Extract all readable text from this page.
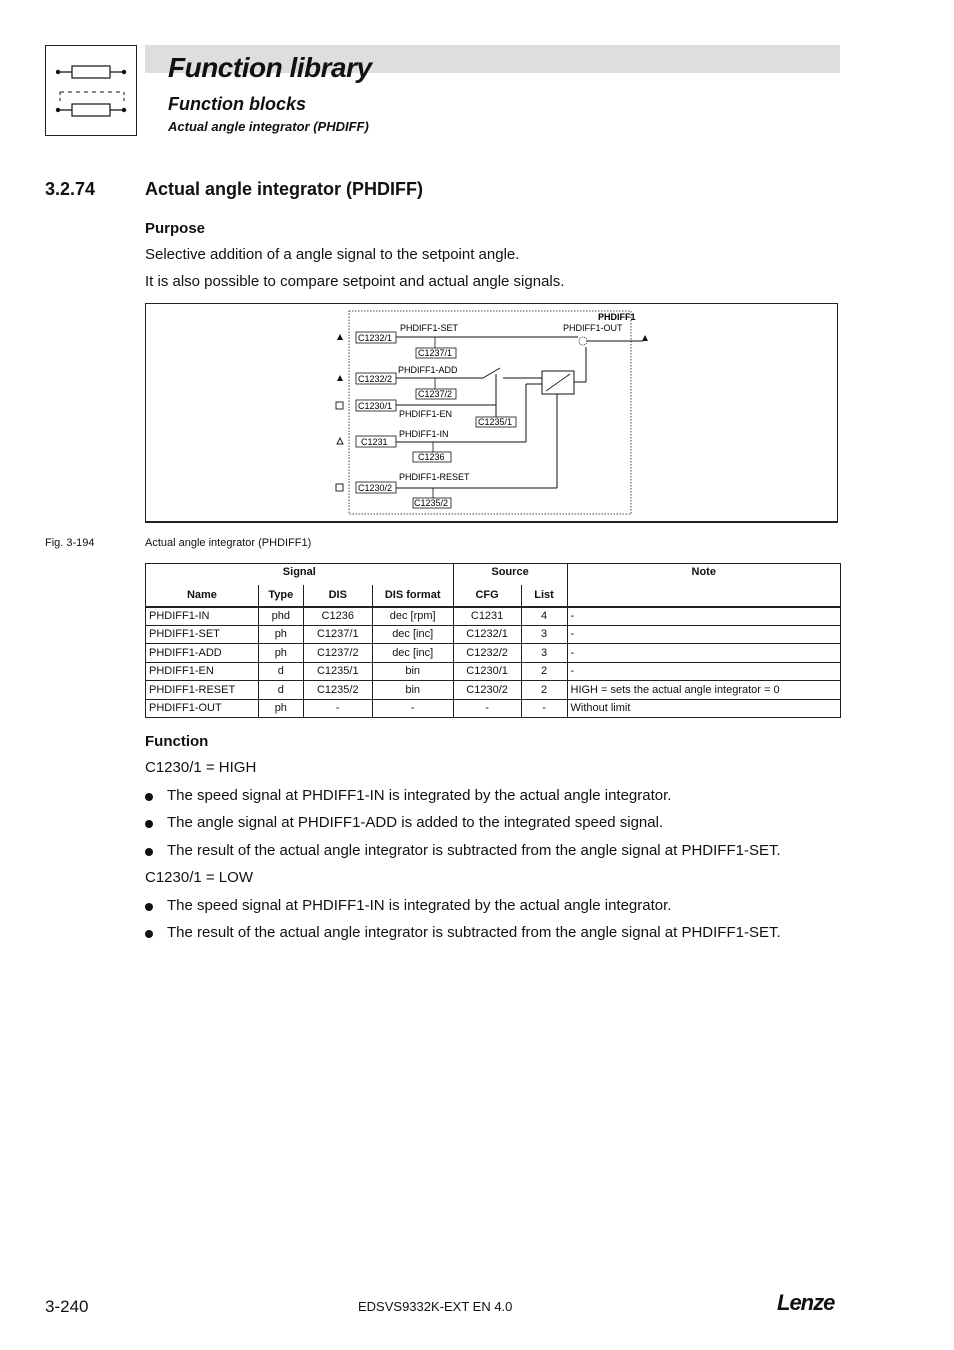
Function library
Function blocks
Actual angle integrator (PHDIFF)
3.2.74	Actual angle integrator (PHDIFF)
Purpose
Selective addition of a angle signal to the setpoint angle.
It is also possible to compare setpoint and actual angle signals.
PHDIFF1
PHDIFF1-OUT
C1232/1
C1232/2
C1230/1
C1231
C1230/2
PHDIFF1-SET
PHDIFF1-ADD
PHDIFF1-EN
PHDIFF1-IN
PHDIFF1-RESET
C1237/1
C1237/2
C1235/1
C1236
C1235/2
Fig. 3-194	Actual angle integrator (PHDIFF1)
Signal				Source		Note
Name	Type	DIS	DIS format	CFG	List	
PHDIFF1-IN	phd	C1236	dec [rpm]	C1231	4	-
PHDIFF1-SET	ph	C1237/1	dec [inc]	C1232/1	3	-
PHDIFF1-ADD	ph	C1237/2	dec [inc]	C1232/2	3	-
PHDIFF1-EN	d	C1235/1	bin	C1230/1	2	-
PHDIFF1-RESET	d	C1235/2	bin	C1230/2	2	HIGH = sets the actual angle integrator = 0
PHDIFF1-OUT	ph	-	-	-	-	Without limit
Function
C1230/1 = HIGH
The speed signal at PHDIFF1-IN is integrated by the actual angle integrator.
The angle signal at PHDIFF1-ADD is added to the integrated speed signal.
The result of the actual angle integrator is subtracted from the angle signal at PHDIFF1-SET.
C1230/1 = LOW
The speed signal at PHDIFF1-IN is integrated by the actual angle integrator.
The result of the actual angle integrator is subtracted from the angle signal at PHDIFF1-SET.
3-240	EDSVS9332K-EXT EN 4.0	Lenze
